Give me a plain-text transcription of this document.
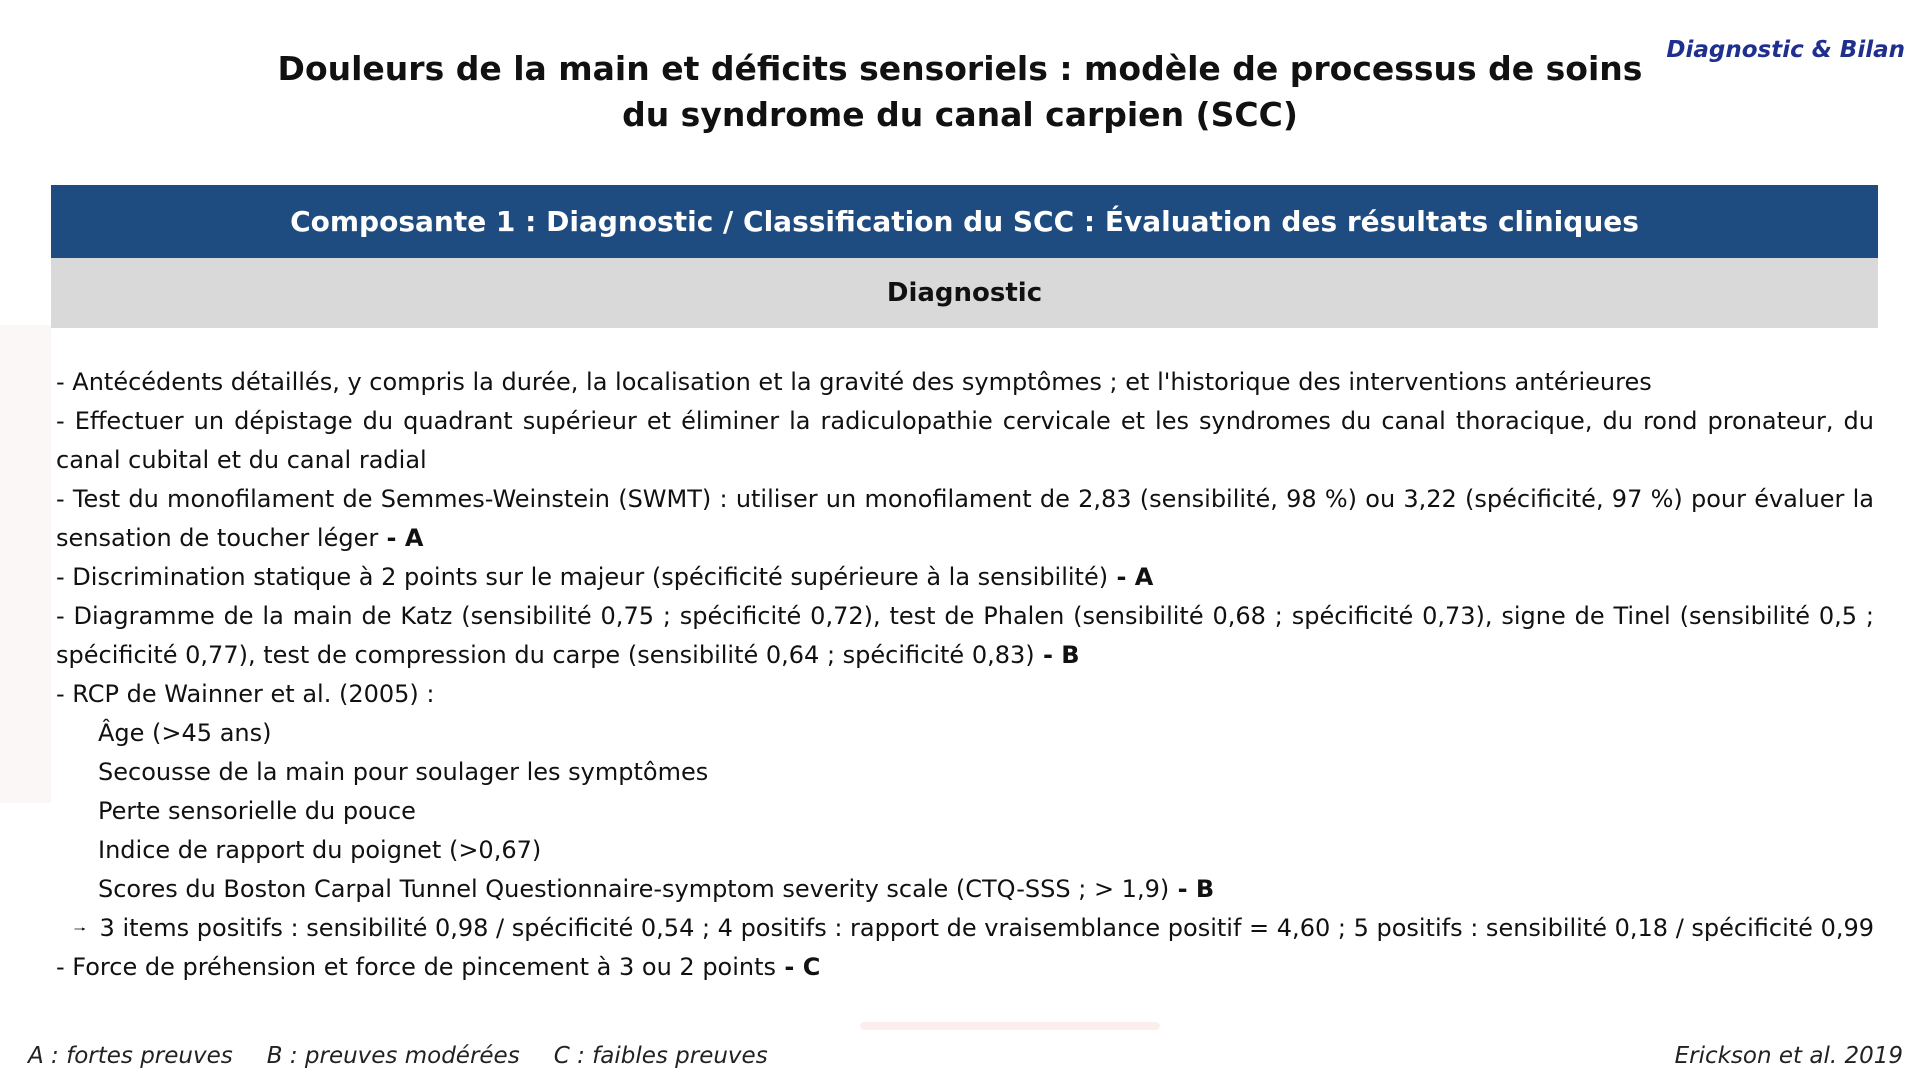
Diagnostic & Bilan
Douleurs de la main et déficits sensoriels : modèle de processus de soins
du syndrome du canal carpien (SCC)
Composante 1 : Diagnostic / Classification du SCC : Évaluation des résultats cliniques
Diagnostic
- Antécédents détaillés, y compris la durée, la localisation et la gravité des symptômes ; et l'historique des interventions antérieures
- Effectuer un dépistage du quadrant supérieur et éliminer la radiculopathie cervicale et les syndromes du canal thoracique, du rond pronateur, du canal cubital et du canal radial
- Test du monofilament de Semmes-Weinstein (SWMT) : utiliser un monofilament de 2,83 (sensibilité, 98 %) ou 3,22 (spécificité, 97 %) pour évaluer la sensation de toucher léger - A
- Discrimination statique à 2 points sur le majeur (spécificité supérieure à la sensibilité) - A
- Diagramme de la main de Katz (sensibilité 0,75 ; spécificité 0,72), test de Phalen (sensibilité 0,68 ; spécificité 0,73), signe de Tinel (sensibilité 0,5 ; spécificité 0,77), test de compression du carpe (sensibilité 0,64 ; spécificité 0,83) - B
- RCP de Wainner et al. (2005) :
Âge (>45 ans)
Secousse de la main pour soulager les symptômes
Perte sensorielle du pouce
Indice de rapport du poignet (>0,67)
Scores du Boston Carpal Tunnel Questionnaire-symptom severity scale (CTQ-SSS ; > 1,9) - B
3 items positifs : sensibilité 0,98 / spécificité 0,54 ; 4 positifs : rapport de vraisemblance positif = 4,60 ; 5 positifs : sensibilité 0,18 / spécificité 0,99
- Force de préhension et force de pincement à 3 ou 2 points - C
A : fortes preuves B : preuves modérées C : faibles preuves	Erickson et al. 2019
